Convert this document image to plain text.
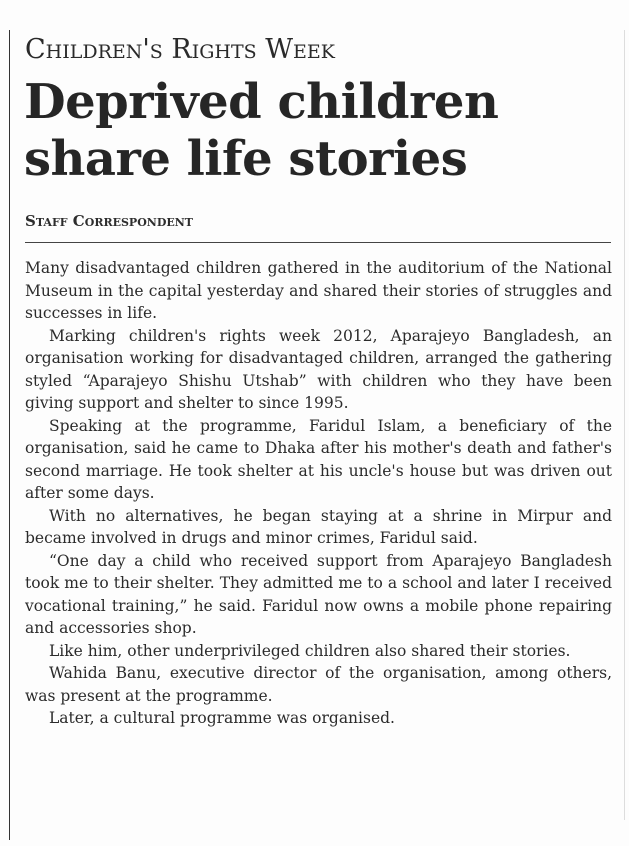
Children's Rights Week
Deprived children share life stories
Staff Correspondent

Many disadvantaged children gathered in the auditorium of the National Museum in the capital yesterday and shared their stories of struggles and successes in life.

Marking children's rights week 2012, Aparajeyo Bangladesh, an organisation working for disadvantaged children, arranged the gathering styled “Aparajeyo Shishu Utshab” with children who they have been giving support and shelter to since 1995.

Speaking at the programme, Faridul Islam, a beneficiary of the organisation, said he came to Dhaka after his mother's death and father's second marriage. He took shelter at his uncle's house but was driven out after some days.

With no alternatives, he began staying at a shrine in Mirpur and became involved in drugs and minor crimes, Faridul said.

“One day a child who received support from Aparajeyo Bangladesh took me to their shelter. They admitted me to a school and later I received vocational training,” he said. Faridul now owns a mobile phone repairing and accessories shop.

Like him, other underprivileged children also shared their stories.

Wahida Banu, executive director of the organisation, among others, was present at the programme.

Later, a cultural programme was organised.
